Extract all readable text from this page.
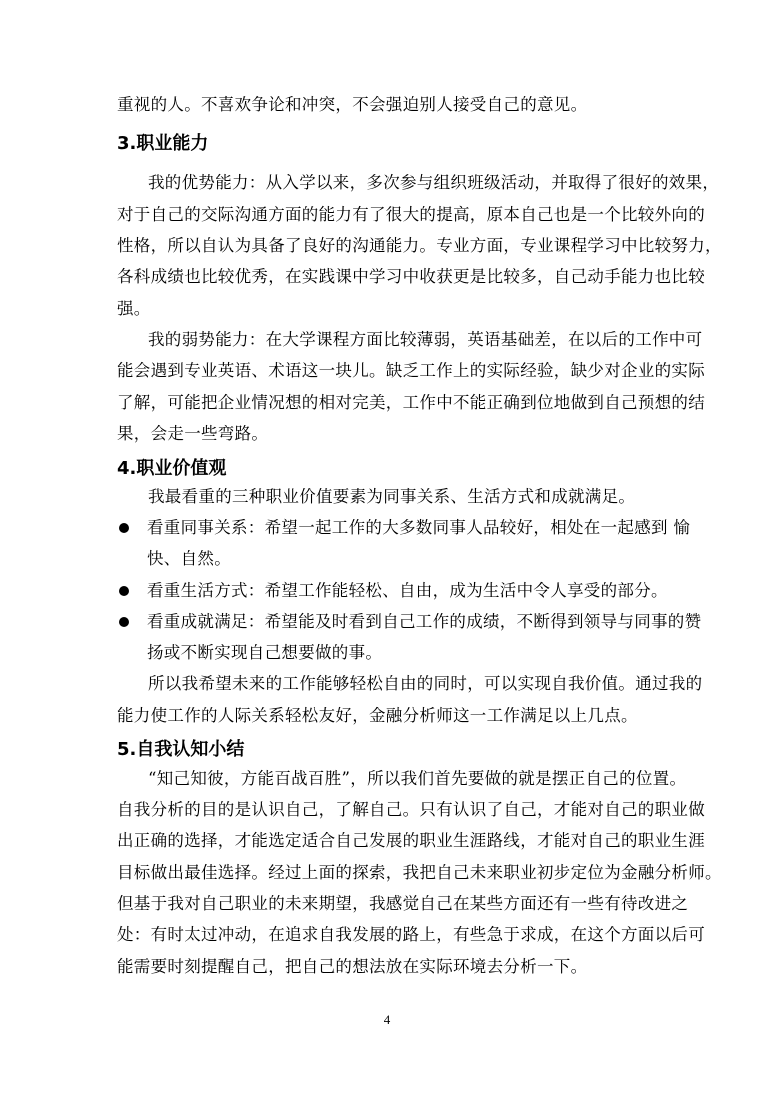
重视的人。不喜欢争论和冲突，不会强迫别人接受自己的意见。
3.职业能力
我的优势能力：从入学以来，多次参与组织班级活动，并取得了很好的效果，
对于自己的交际沟通方面的能力有了很大的提高，原本自己也是一个比较外向的
性格，所以自认为具备了良好的沟通能力。专业方面，专业课程学习中比较努力，
各科成绩也比较优秀，在实践课中学习中收获更是比较多，自己动手能力也比较
强。
我的弱势能力：在大学课程方面比较薄弱，英语基础差，在以后的工作中可
能会遇到专业英语、术语这一块儿。缺乏工作上的实际经验，缺少对企业的实际
了解，可能把企业情况想的相对完美，工作中不能正确到位地做到自己预想的结
果，会走一些弯路。
4.职业价值观
我最看重的三种职业价值要素为同事关系、生活方式和成就满足。
看重同事关系：希望一起工作的大多数同事人品较好，相处在一起感到 愉
快、自然。
看重生活方式：希望工作能轻松、自由，成为生活中令人享受的部分。
看重成就满足：希望能及时看到自己工作的成绩，不断得到领导与同事的赞
扬或不断实现自己想要做的事。
所以我希望未来的工作能够轻松自由的同时，可以实现自我价值。通过我的
能力使工作的人际关系轻松友好，金融分析师这一工作满足以上几点。
5.自我认知小结
“知己知彼，方能百战百胜”，所以我们首先要做的就是摆正自己的位置。
自我分析的目的是认识自己，了解自己。只有认识了自己，才能对自己的职业做
出正确的选择，才能选定适合自己发展的职业生涯路线，才能对自己的职业生涯
目标做出最佳选择。经过上面的探索，我把自己未来职业初步定位为金融分析师。
但基于我对自己职业的未来期望，我感觉自己在某些方面还有一些有待改进之
处：有时太过冲动，在追求自我发展的路上，有些急于求成，在这个方面以后可
能需要时刻提醒自己，把自己的想法放在实际环境去分析一下。
4
